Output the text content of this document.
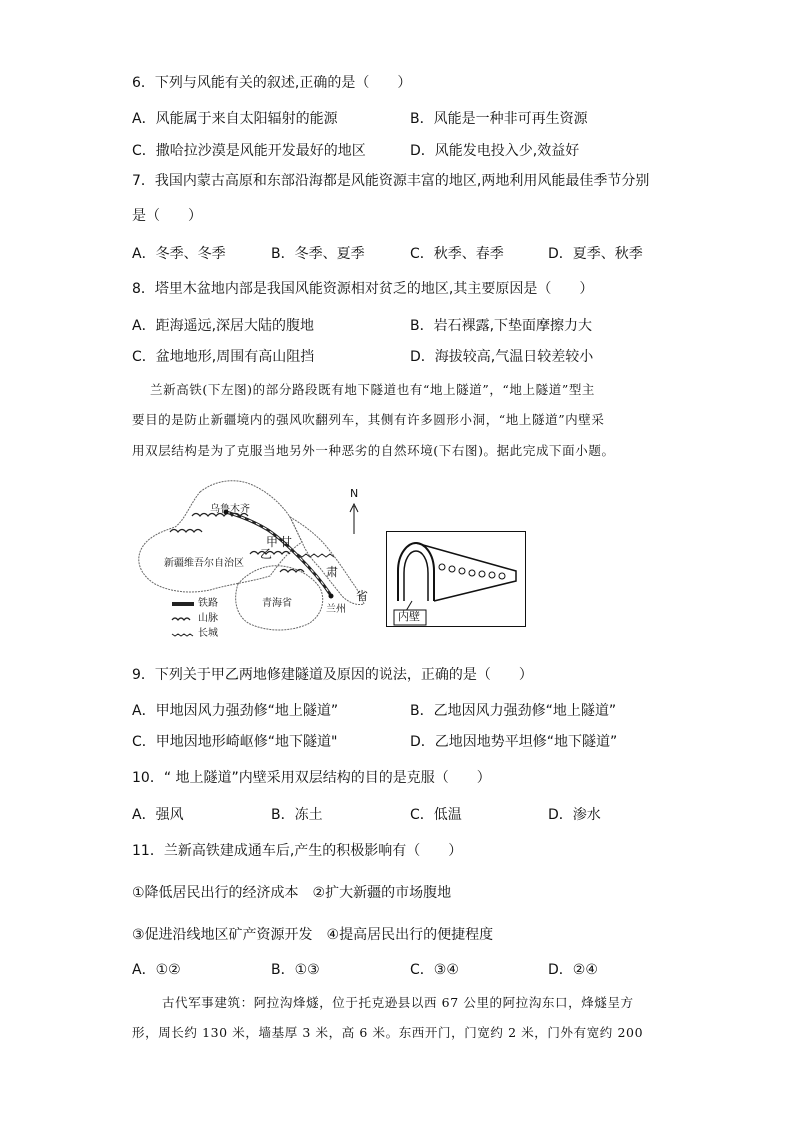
6．下列与风能有关的叙述,正确的是（　　）
A．风能属于来自太阳辐射的能源	B．风能是一种非可再生资源
C．撒哈拉沙漠是风能开发最好的地区	D．风能发电投入少,效益好
7．我国内蒙古高原和东部沿海都是风能资源丰富的地区,两地利用风能最佳季节分别
是（　　）
A．冬季、冬季	B．冬季、夏季	C．秋季、春季	D．夏季、秋季
8．塔里木盆地内部是我国风能资源相对贫乏的地区,其主要原因是（　　）
A．距海遥远,深居大陆的腹地	B．岩石裸露,下垫面摩擦力大
C．盆地地形,周围有高山阻挡	D．海拔较高,气温日较差较小
兰新高铁(下左图)的部分路段既有地下隧道也有“地上隧道”，“地上隧道”型主
要目的是防止新疆境内的强风吹翻列车，其侧有许多圆形小洞，“地上隧道”内壁采
用双层结构是为了克服当地另外一种恶劣的自然环境(下右图)。据此完成下面小题。
乌鲁木齐
甲
乙
甘
肃
省
新疆维吾尔自治区
青海省
兰州
N
铁路
山脉
长城
内壁
9．下列关于甲乙两地修建隧道及原因的说法，正确的是（　　）
A．甲地因风力强劲修“地上隧道”	B．乙地因风力强劲修“地上隧道”
C．甲地因地形崎岖修“地下隧道"	D．乙地因地势平坦修“地下隧道”
10．“ 地上隧道”内壁采用双层结构的目的是克服（　　）
A．强风	B．冻土	C．低温	D．渗水
11．兰新高铁建成通车后,产生的积极影响有（　　）
①降低居民出行的经济成本　②扩大新疆的市场腹地
③促进沿线地区矿产资源开发　④提高居民出行的便捷程度
A．①②	B．①③	C．③④	D．②④
古代军事建筑：阿拉沟烽燧，位于托克逊县以西 67 公里的阿拉沟东口，烽燧呈方
形，周长约 130 米，墙基厚 3 米，高 6 米。东西开门，门宽约 2 米，门外有宽约 200
